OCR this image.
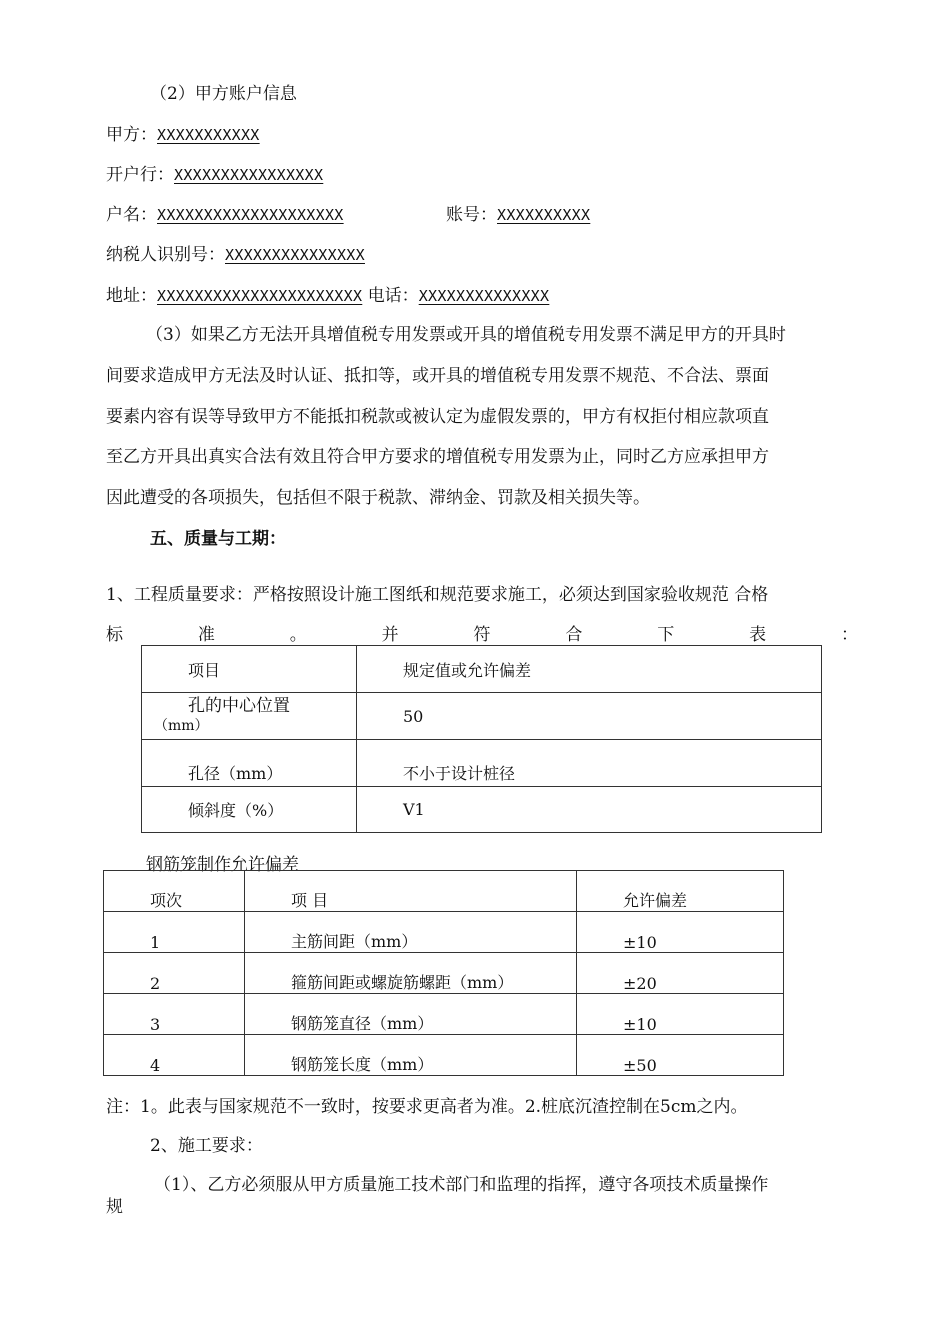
（2）甲方账户信息
甲方：XXXXXXXXXXX
开户行：XXXXXXXXXXXXXXXX
户名：XXXXXXXXXXXXXXXXXXXX	账号：XXXXXXXXXX
纳税人识别号：XXXXXXXXXXXXXXX
地址：XXXXXXXXXXXXXXXXXXXXXX 电话：XXXXXXXXXXXXXX
（3）如果乙方无法开具增值税专用发票或开具的增值税专用发票不满足甲方的开具时
间要求造成甲方无法及时认证、抵扣等，或开具的增值税专用发票不规范、不合法、票面
要素内容有误等导致甲方不能抵扣税款或被认定为虚假发票的，甲方有权拒付相应款项直
至乙方开具出真实合法有效且符合甲方要求的增值税专用发票为止，同时乙方应承担甲方
因此遭受的各项损失，包括但不限于税款、滞纳金、罚款及相关损失等。
五、质量与工期：
1、工程质量要求：严格按照设计施工图纸和规范要求施工，必须达到国家验收规范 合格
标	准	。	并	符	合	下	表	：
项目	规定值或允许偏差

孔的中心位置
（mm）	50
孔径（mm）	不小于设计桩径
倾斜度（%）	V1
钢筋笼制作允许偏差
项次	项 目	允许偏差
1	主筋间距（mm）	±10
2	箍筋间距或螺旋筋螺距（mm）	±20
3	钢筋笼直径（mm）	±10
4	钢筋笼长度（mm）	±50
注：1。此表与国家规范不一致时，按要求更高者为准。2.桩底沉渣控制在5cm之内。
2、施工要求：
（1）、乙方必须服从甲方质量施工技术部门和监理的指挥，遵守各项技术质量操作
规
